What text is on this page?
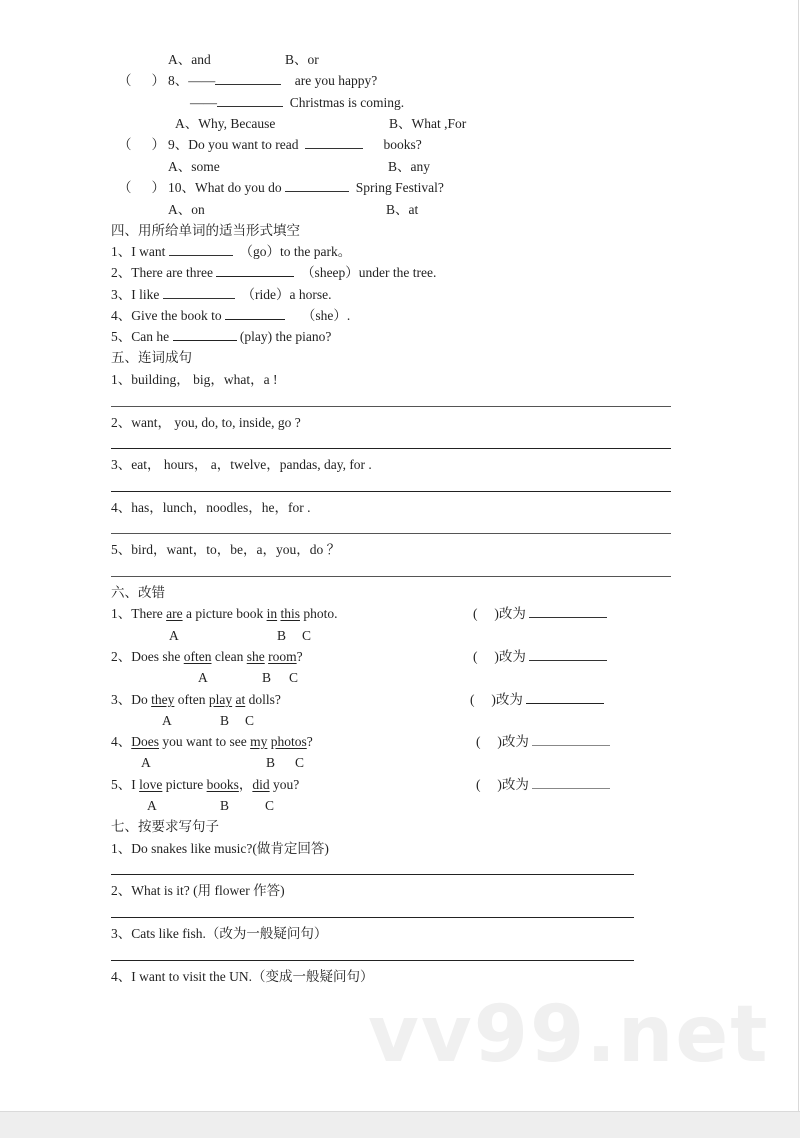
A、and	B、or
（ ） 8、——	are you happy?
——	Christmas is coming.
A、Why, Because	B、What ,For
（ ） 9、Do you want to read	books?
A、some	B、any
（ ） 10、What do you do	Spring Festival?
A、on	B、at
四、用所给单词的适当形式填空
1、I want	（go）to the park。
2、There are three	（sheep）under the tree.
3、I like	（ride）a horse.
4、Give the book to	（she）.
5、Can he	(play) the piano?
五、连词成句
1、building， big，what，a !
2、want， you, do, to, inside, go ?
3、eat， hours， a，twelve，pandas, day, for .
4、has，lunch，noodles，he，for .
5、bird，want，to，be，a，you，do ？
六、改错
1、There are a picture book in this photo.	( )改为
A	B C
2、Does she often clean she room?	( )改为
A	B C
3、Do they often play at dolls?	( )改为
A	B C
4、Does you want to see my photos?	( )改为
A	B C
5、I love picture books，did you?	( )改为
A	B	C
七、按要求写句子
1、Do snakes like music?(做肯定回答)
2、What is it? (用 flower 作答)
3、Cats like fish.（改为一般疑问句）
4、I want to visit the UN.（变成一般疑问句）
vv99.net
